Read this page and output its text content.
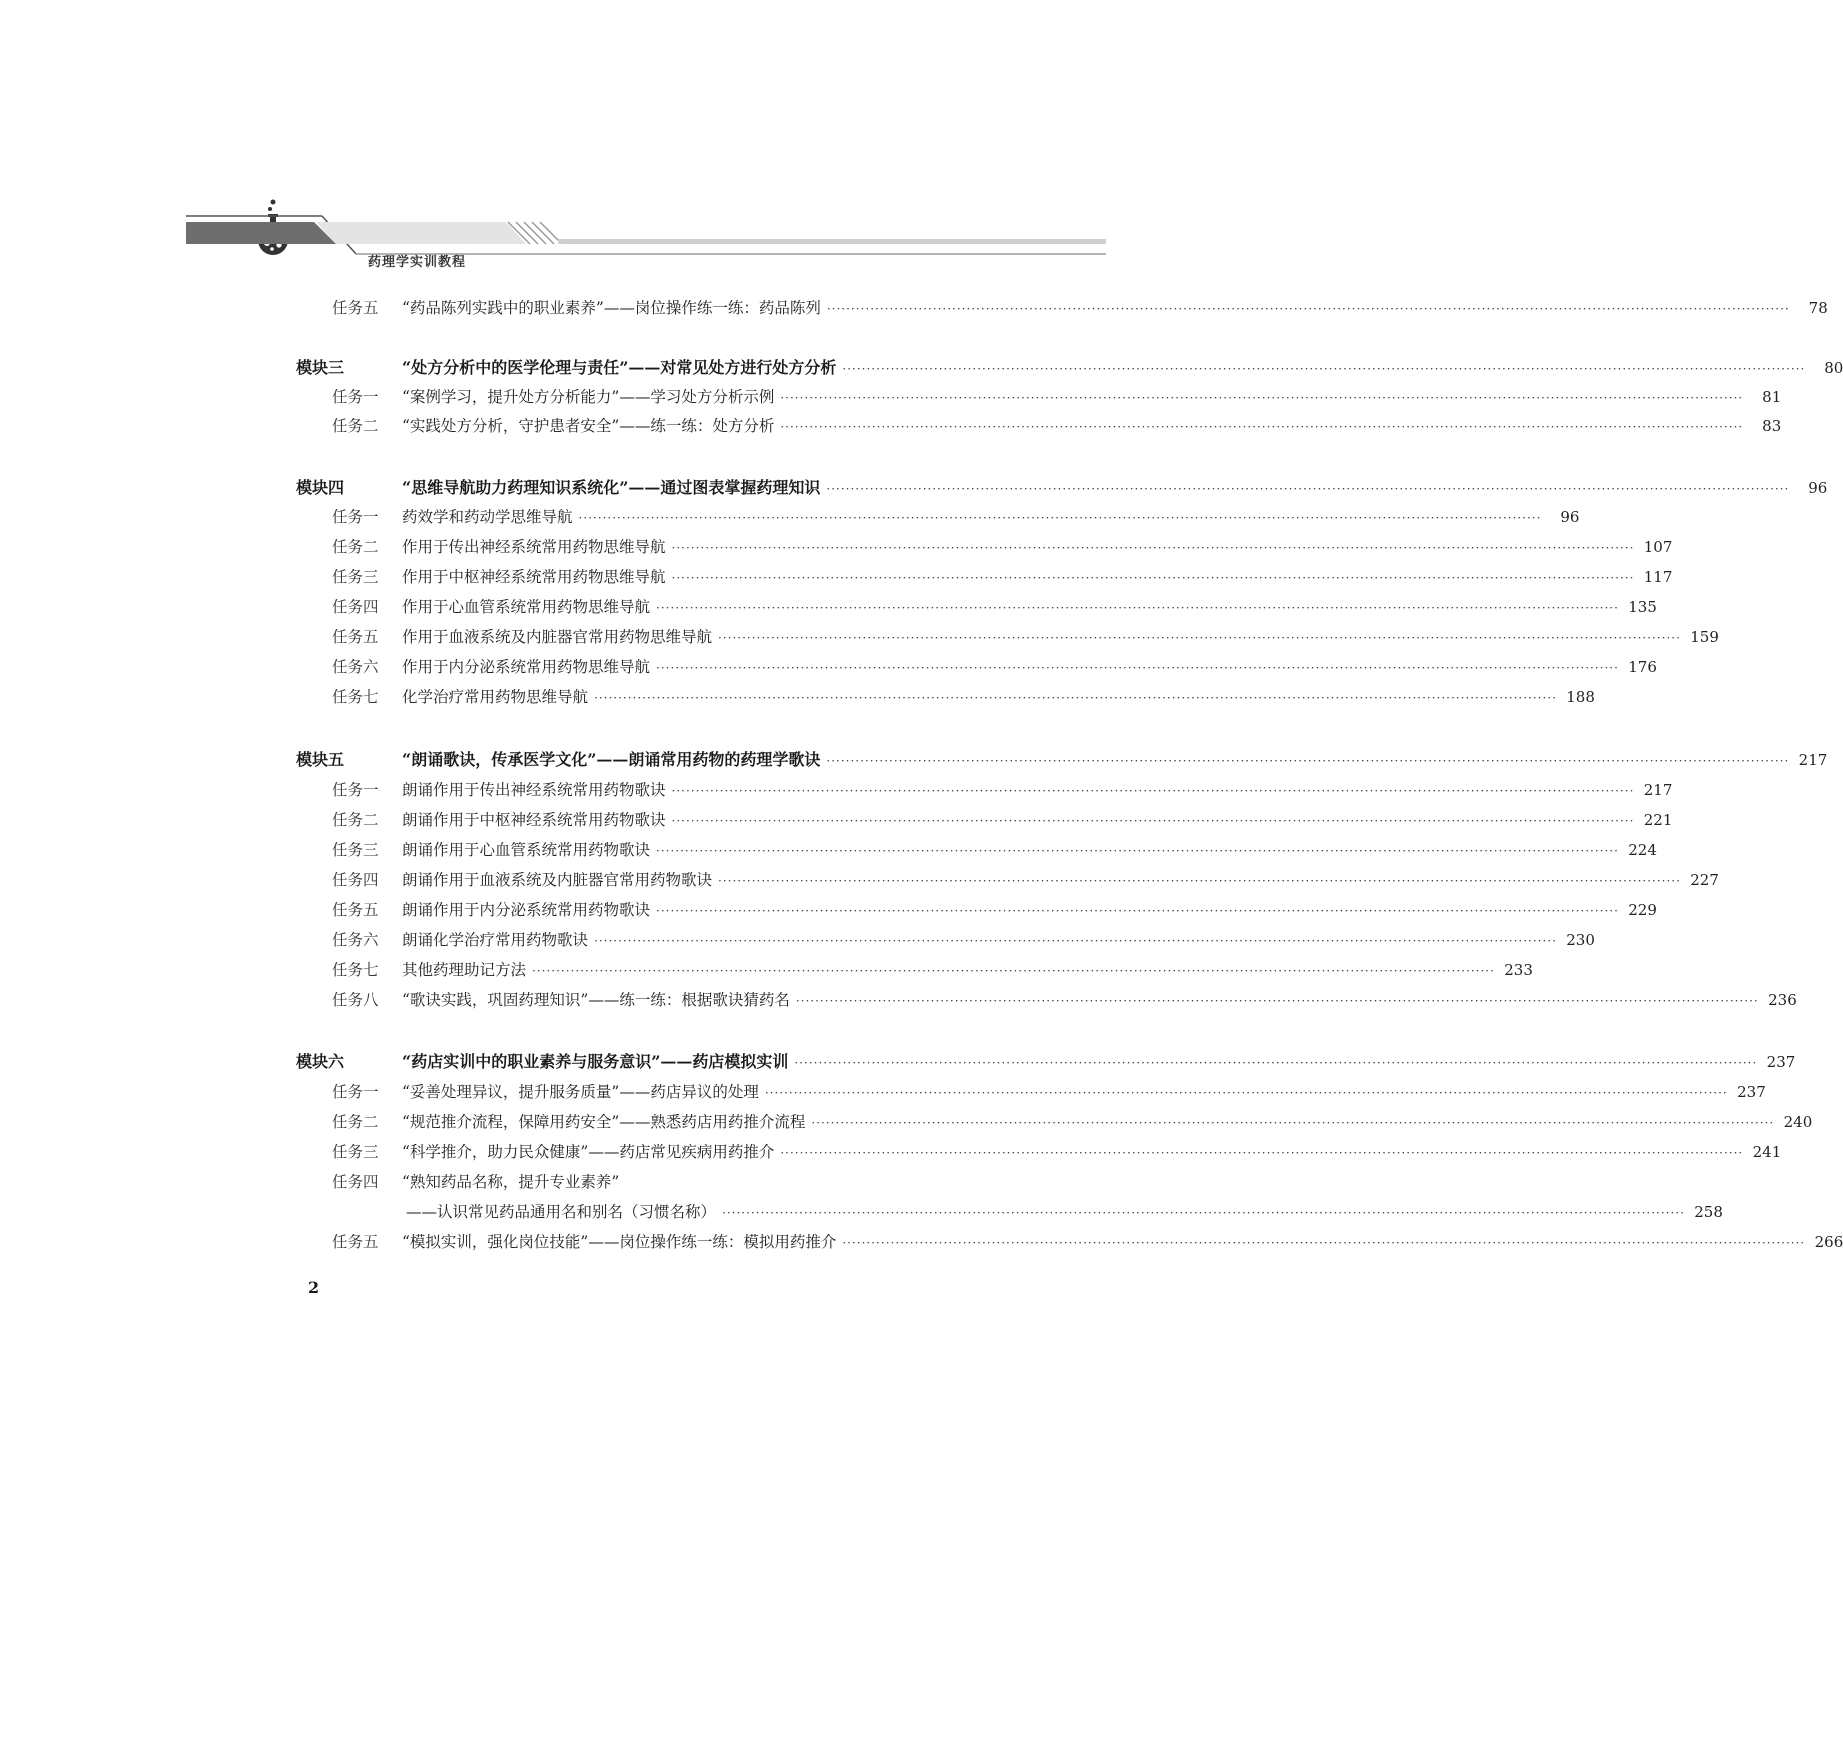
药理学实训教程
任务五	“药品陈列实践中的职业素养”——岗位操作练一练：药品陈列 ········································································································································································································	78
模块三	“处方分析中的医学伦理与责任”——对常见处方进行处方分析 ········································································································································································································	80
任务一	“案例学习，提升处方分析能力”——学习处方分析示例 ········································································································································································································	81
任务二	“实践处方分析，守护患者安全”——练一练：处方分析 ········································································································································································································	83
模块四	“思维导航助力药理知识系统化”——通过图表掌握药理知识 ········································································································································································································	96
任务一	药效学和药动学思维导航 ········································································································································································································	96
任务二	作用于传出神经系统常用药物思维导航 ········································································································································································································ 107
任务三	作用于中枢神经系统常用药物思维导航 ········································································································································································································ 117
任务四	作用于心血管系统常用药物思维导航 ········································································································································································································ 135
任务五	作用于血液系统及内脏器官常用药物思维导航 ········································································································································································································ 159
任务六	作用于内分泌系统常用药物思维导航 ········································································································································································································ 176
任务七	化学治疗常用药物思维导航 ········································································································································································································ 188
模块五	“朗诵歌诀，传承医学文化”——朗诵常用药物的药理学歌诀 ········································································································································································································ 217
任务一	朗诵作用于传出神经系统常用药物歌诀 ········································································································································································································ 217
任务二	朗诵作用于中枢神经系统常用药物歌诀 ········································································································································································································ 221
任务三	朗诵作用于心血管系统常用药物歌诀 ········································································································································································································ 224
任务四	朗诵作用于血液系统及内脏器官常用药物歌诀 ········································································································································································································ 227
任务五	朗诵作用于内分泌系统常用药物歌诀 ········································································································································································································ 229
任务六	朗诵化学治疗常用药物歌诀 ········································································································································································································ 230
任务七	其他药理助记方法 ········································································································································································································ 233
任务八	“歌诀实践，巩固药理知识”——练一练：根据歌诀猜药名 ········································································································································································································ 236
模块六	“药店实训中的职业素养与服务意识”——药店模拟实训 ········································································································································································································ 237
任务一	“妥善处理异议，提升服务质量”——药店异议的处理 ········································································································································································································ 237
任务二	“规范推介流程，保障用药安全”——熟悉药店用药推介流程 ········································································································································································································ 240
任务三	“科学推介，助力民众健康”——药店常见疾病用药推介 ········································································································································································································ 241
任务四	“熟知药品名称，提升专业素养”
——认识常见药品通用名和别名（习惯名称） ········································································································································································································ 258
任务五	“模拟实训，强化岗位技能”——岗位操作练一练：模拟用药推介 ········································································································································································································ 266
2
